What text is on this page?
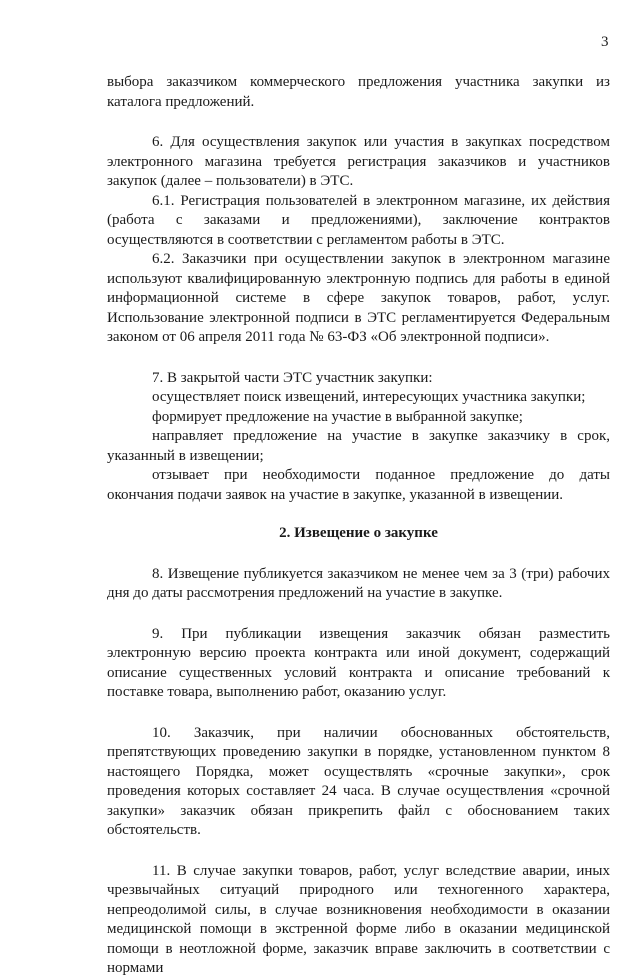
3

выбора заказчиком коммерческого предложения участника закупки из каталога предложений.

6. Для осуществления закупок или участия в закупках посредством электронного магазина требуется регистрация заказчиков и участников закупок (далее – пользователи) в ЭТС.

6.1. Регистрация пользователей в электронном магазине, их действия (работа с заказами и предложениями), заключение контрактов осуществляются в соответствии с регламентом работы в ЭТС.

6.2. Заказчики при осуществлении закупок в электронном магазине используют квалифицированную электронную подпись для работы в единой информационной системе в сфере закупок товаров, работ, услуг. Использование электронной подписи в ЭТС регламентируется Федеральным законом от 06 апреля 2011 года № 63-ФЗ «Об электронной подписи».

7. В закрытой части ЭТС участник закупки:

осуществляет поиск извещений, интересующих участника закупки;

формирует предложение на участие в выбранной закупке;

направляет предложение на участие в закупке заказчику в срок, указанный в извещении;

отзывает при необходимости поданное предложение до даты окончания подачи заявок на участие в закупке, указанной в извещении.

2. Извещение о закупке

8. Извещение публикуется заказчиком не менее чем за 3 (три) рабочих дня до даты рассмотрения предложений на участие в закупке.

9. При публикации извещения заказчик обязан разместить электронную версию проекта контракта или иной документ, содержащий описание существенных условий контракта и описание требований к поставке товара, выполнению работ, оказанию услуг.

10. Заказчик, при наличии обоснованных обстоятельств, препятствующих проведению закупки в порядке, установленном пунктом 8 настоящего Порядка, может осуществлять «срочные закупки», срок проведения которых составляет 24 часа. В случае осуществления «срочной закупки» заказчик обязан прикрепить файл с обоснованием таких обстоятельств.

11. В случае закупки товаров, работ, услуг вследствие аварии, иных чрезвычайных ситуаций природного или техногенного характера, непреодолимой силы, в случае возникновения необходимости в оказании медицинской помощи в экстренной форме либо в оказании медицинской помощи в неотложной форме, заказчик вправе заключить в соответствии с нормами
